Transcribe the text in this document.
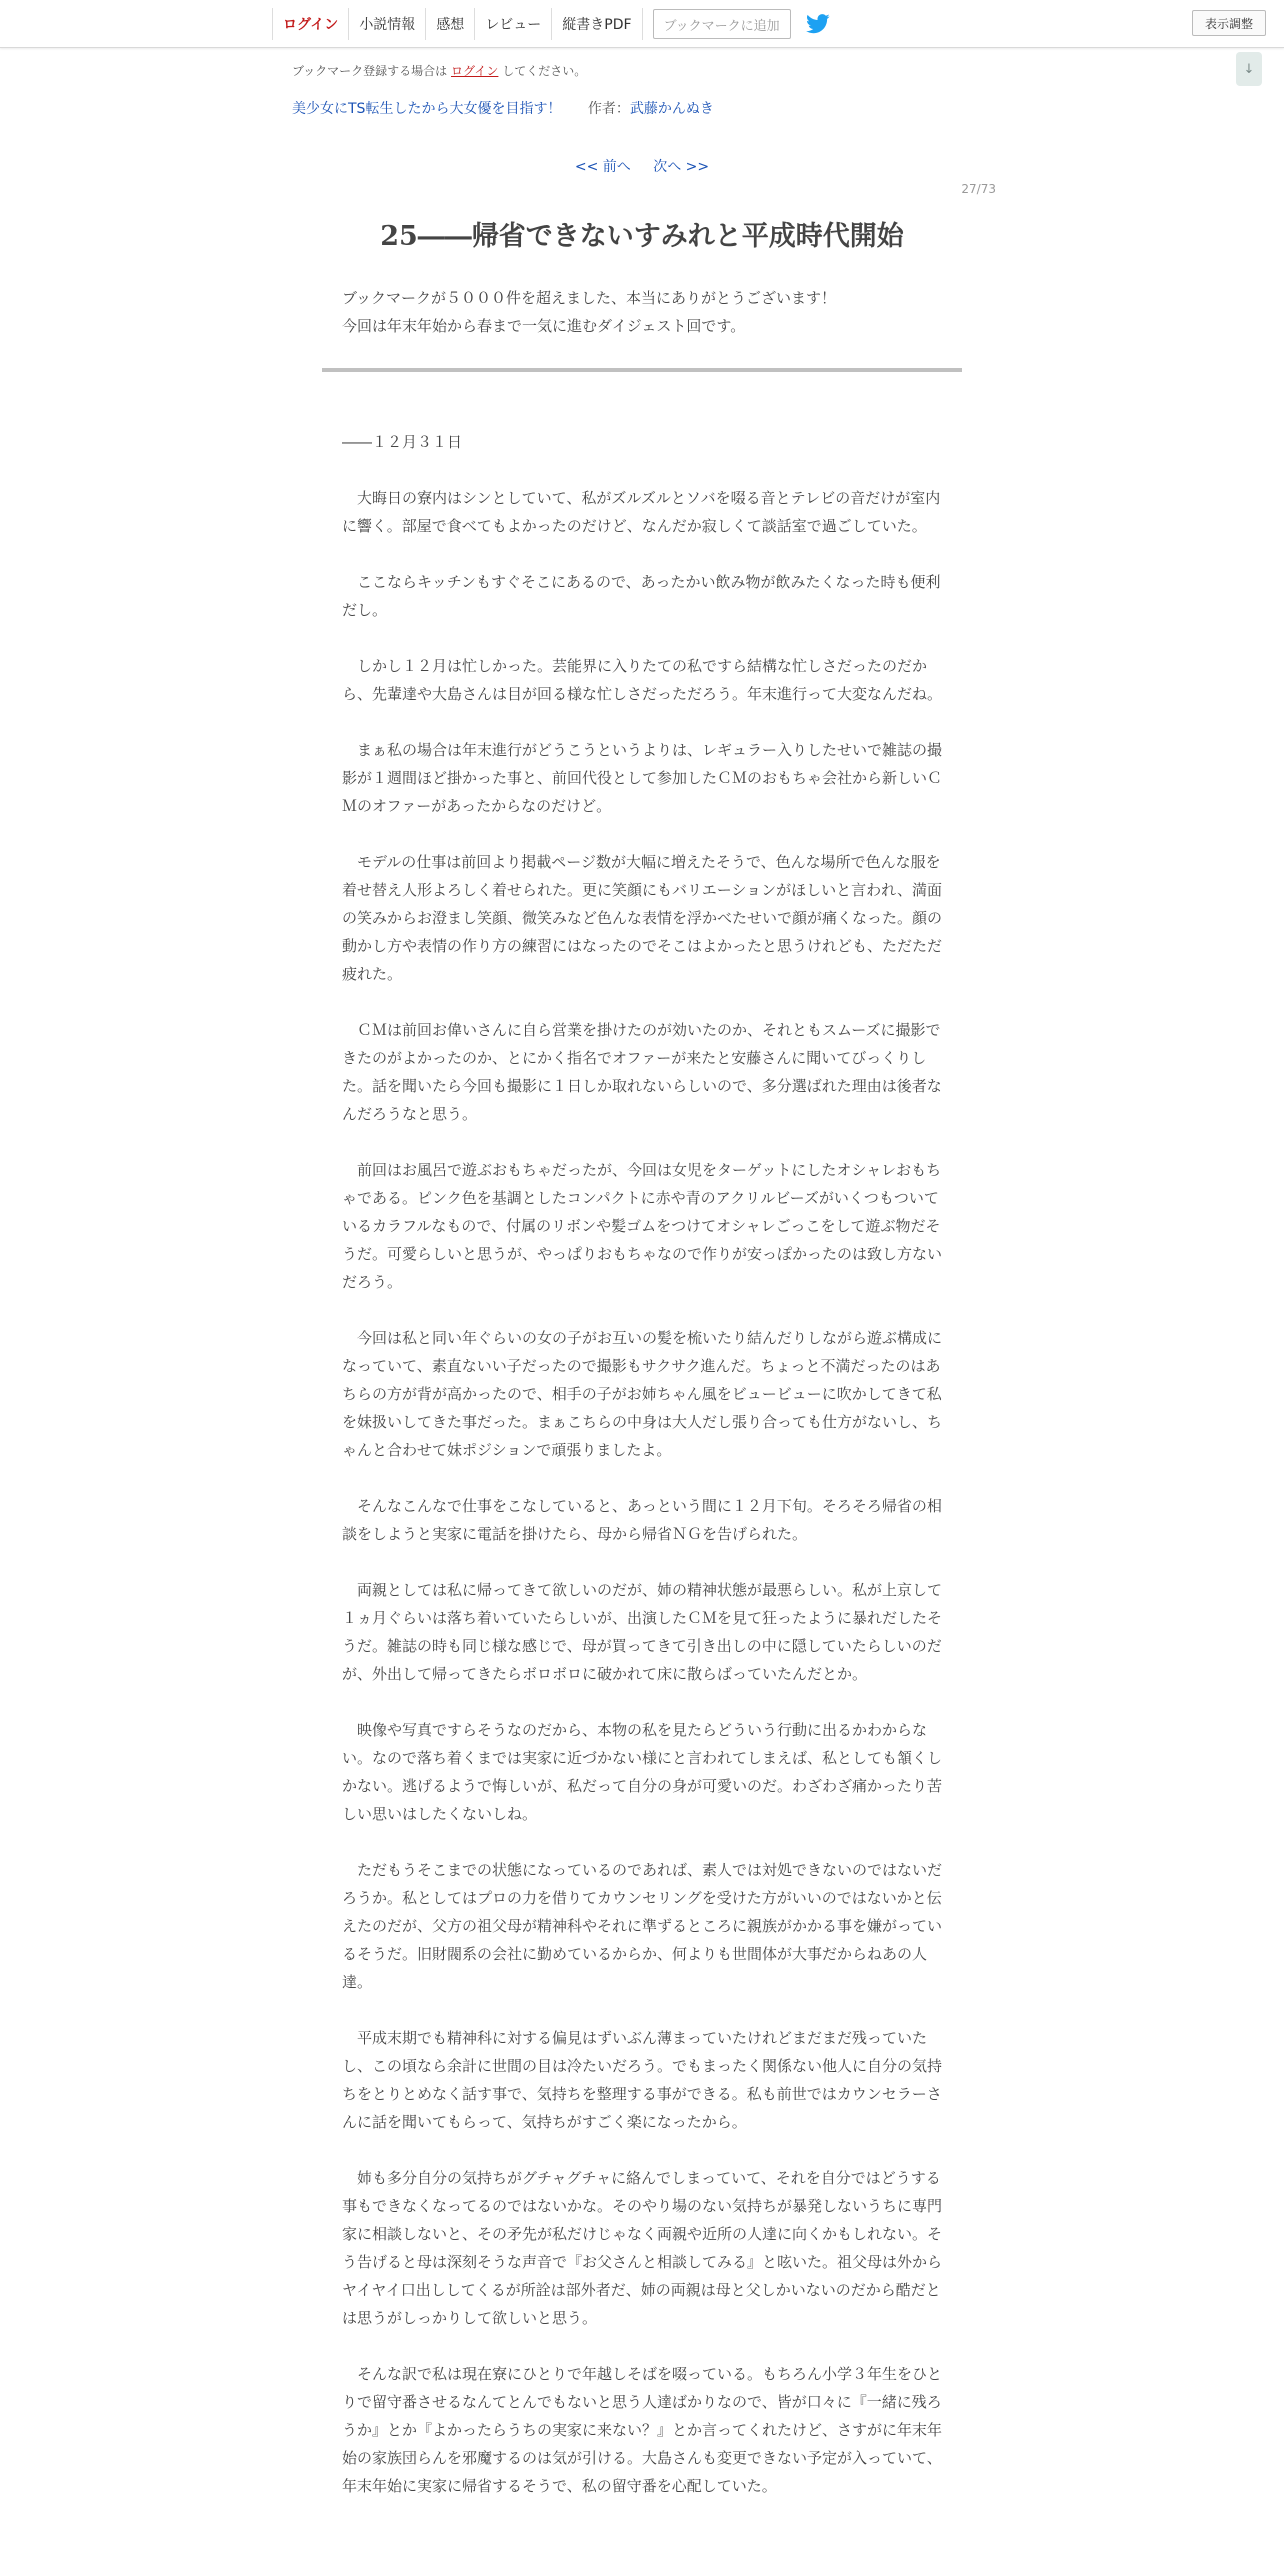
ログイン	小説情報	感想	レビュー	縦書きPDF	ブックマークに追加	表示調整
↓
ブックマーク登録する場合は ログイン してください。
美少女にTS転生したから大女優を目指す！ 作者：武藤かんぬき
<< 前へ 次へ >>
27/73
25――帰省できないすみれと平成時代開始
ブックマークが５０００件を超えました、本当にありがとうございます！
今回は年末年始から春まで一気に進むダイジェスト回です。

――１２月３１日

　大晦日の寮内はシンとしていて、私がズルズルとソバを啜る音とテレビの音だけが室内に響く。部屋で食べてもよかったのだけど、なんだか寂しくて談話室で過ごしていた。

　ここならキッチンもすぐそこにあるので、あったかい飲み物が飲みたくなった時も便利だし。

　しかし１２月は忙しかった。芸能界に入りたての私ですら結構な忙しさだったのだから、先輩達や大島さんは目が回る様な忙しさだっただろう。年末進行って大変なんだね。

　まぁ私の場合は年末進行がどうこうというよりは、レギュラー入りしたせいで雑誌の撮影が１週間ほど掛かった事と、前回代役として参加したＣＭのおもちゃ会社から新しいＣＭのオファーがあったからなのだけど。

　モデルの仕事は前回より掲載ページ数が大幅に増えたそうで、色んな場所で色んな服を着せ替え人形よろしく着せられた。更に笑顔にもバリエーションがほしいと言われ、満面の笑みからお澄まし笑顔、微笑みなど色んな表情を浮かべたせいで顔が痛くなった。顔の動かし方や表情の作り方の練習にはなったのでそこはよかったと思うけれども、ただただ疲れた。

　ＣＭは前回お偉いさんに自ら営業を掛けたのが効いたのか、それともスムーズに撮影できたのがよかったのか、とにかく指名でオファーが来たと安藤さんに聞いてびっくりした。話を聞いたら今回も撮影に１日しか取れないらしいので、多分選ばれた理由は後者なんだろうなと思う。

　前回はお風呂で遊ぶおもちゃだったが、今回は女児をターゲットにしたオシャレおもちゃである。ピンク色を基調としたコンパクトに赤や青のアクリルビーズがいくつもついているカラフルなもので、付属のリボンや髪ゴムをつけてオシャレごっこをして遊ぶ物だそうだ。可愛らしいと思うが、やっぱりおもちゃなので作りが安っぽかったのは致し方ないだろう。

　今回は私と同い年ぐらいの女の子がお互いの髪を梳いたり結んだりしながら遊ぶ構成になっていて、素直ないい子だったので撮影もサクサク進んだ。ちょっと不満だったのはあちらの方が背が高かったので、相手の子がお姉ちゃん風をビュービューに吹かしてきて私を妹扱いしてきた事だった。まぁこちらの中身は大人だし張り合っても仕方がないし、ちゃんと合わせて妹ポジションで頑張りましたよ。

　そんなこんなで仕事をこなしていると、あっという間に１２月下旬。そろそろ帰省の相談をしようと実家に電話を掛けたら、母から帰省ＮＧを告げられた。

　両親としては私に帰ってきて欲しいのだが、姉の精神状態が最悪らしい。私が上京して１ヵ月ぐらいは落ち着いていたらしいが、出演したＣＭを見て狂ったように暴れだしたそうだ。雑誌の時も同じ様な感じで、母が買ってきて引き出しの中に隠していたらしいのだが、外出して帰ってきたらボロボロに破かれて床に散らばっていたんだとか。

　映像や写真ですらそうなのだから、本物の私を見たらどういう行動に出るかわからない。なので落ち着くまでは実家に近づかない様にと言われてしまえば、私としても頷くしかない。逃げるようで悔しいが、私だって自分の身が可愛いのだ。わざわざ痛かったり苦しい思いはしたくないしね。

　ただもうそこまでの状態になっているのであれば、素人では対処できないのではないだろうか。私としてはプロの力を借りてカウンセリングを受けた方がいいのではないかと伝えたのだが、父方の祖父母が精神科やそれに準ずるところに親族がかかる事を嫌がっているそうだ。旧財閥系の会社に勤めているからか、何よりも世間体が大事だからねあの人達。

　平成末期でも精神科に対する偏見はずいぶん薄まっていたけれどまだまだ残っていたし、この頃なら余計に世間の目は冷たいだろう。でもまったく関係ない他人に自分の気持ちをとりとめなく話す事で、気持ちを整理する事ができる。私も前世ではカウンセラーさんに話を聞いてもらって、気持ちがすごく楽になったから。

　姉も多分自分の気持ちがグチャグチャに絡んでしまっていて、それを自分ではどうする事もできなくなってるのではないかな。そのやり場のない気持ちが暴発しないうちに専門家に相談しないと、その矛先が私だけじゃなく両親や近所の人達に向くかもしれない。そう告げると母は深刻そうな声音で『お父さんと相談してみる』と呟いた。祖父母は外からヤイヤイ口出ししてくるが所詮は部外者だ、姉の両親は母と父しかいないのだから酷だとは思うがしっかりして欲しいと思う。

　そんな訳で私は現在寮にひとりで年越しそばを啜っている。もちろん小学３年生をひとりで留守番させるなんてとんでもないと思う人達ばかりなので、皆が口々に『一緒に残ろうか』とか『よかったらうちの実家に来ない？』とか言ってくれたけど、さすがに年末年始の家族団らんを邪魔するのは気が引ける。大島さんも変更できない予定が入っていて、年末年始に実家に帰省するそうで、私の留守番を心配していた。
